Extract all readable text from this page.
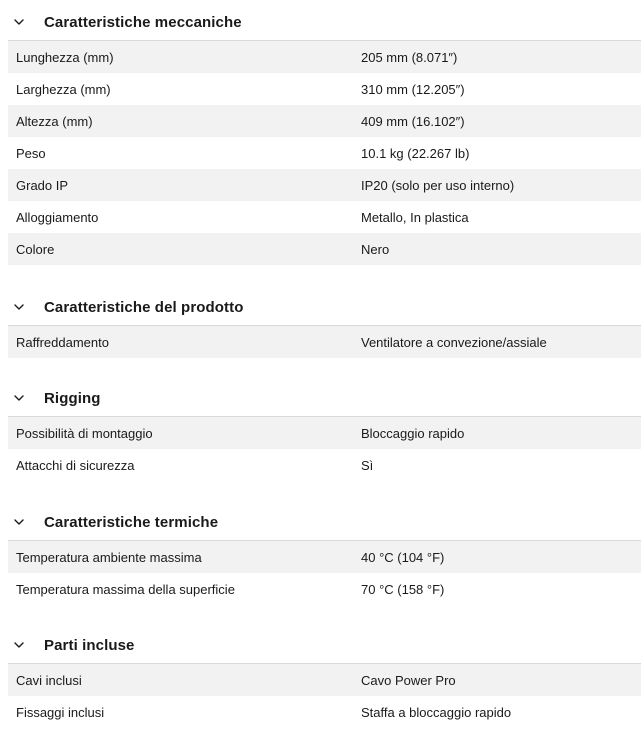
Caratteristiche meccaniche
Lunghezza (mm)	205 mm (8.071″)
Larghezza (mm)	310 mm (12.205″)
Altezza (mm)	409 mm (16.102″)
Peso	10.1 kg (22.267 lb)
Grado IP	IP20 (solo per uso interno)
Alloggiamento	Metallo, In plastica
Colore	Nero
Caratteristiche del prodotto
Raffreddamento	Ventilatore a convezione/assiale
Rigging
Possibilità di montaggio	Bloccaggio rapido
Attacchi di sicurezza	Sì
Caratteristiche termiche
Temperatura ambiente massima	40 °C (104 °F)
Temperatura massima della superficie	70 °C (158 °F)
Parti incluse
Cavi inclusi	Cavo Power Pro
Fissaggi inclusi	Staffa a bloccaggio rapido
